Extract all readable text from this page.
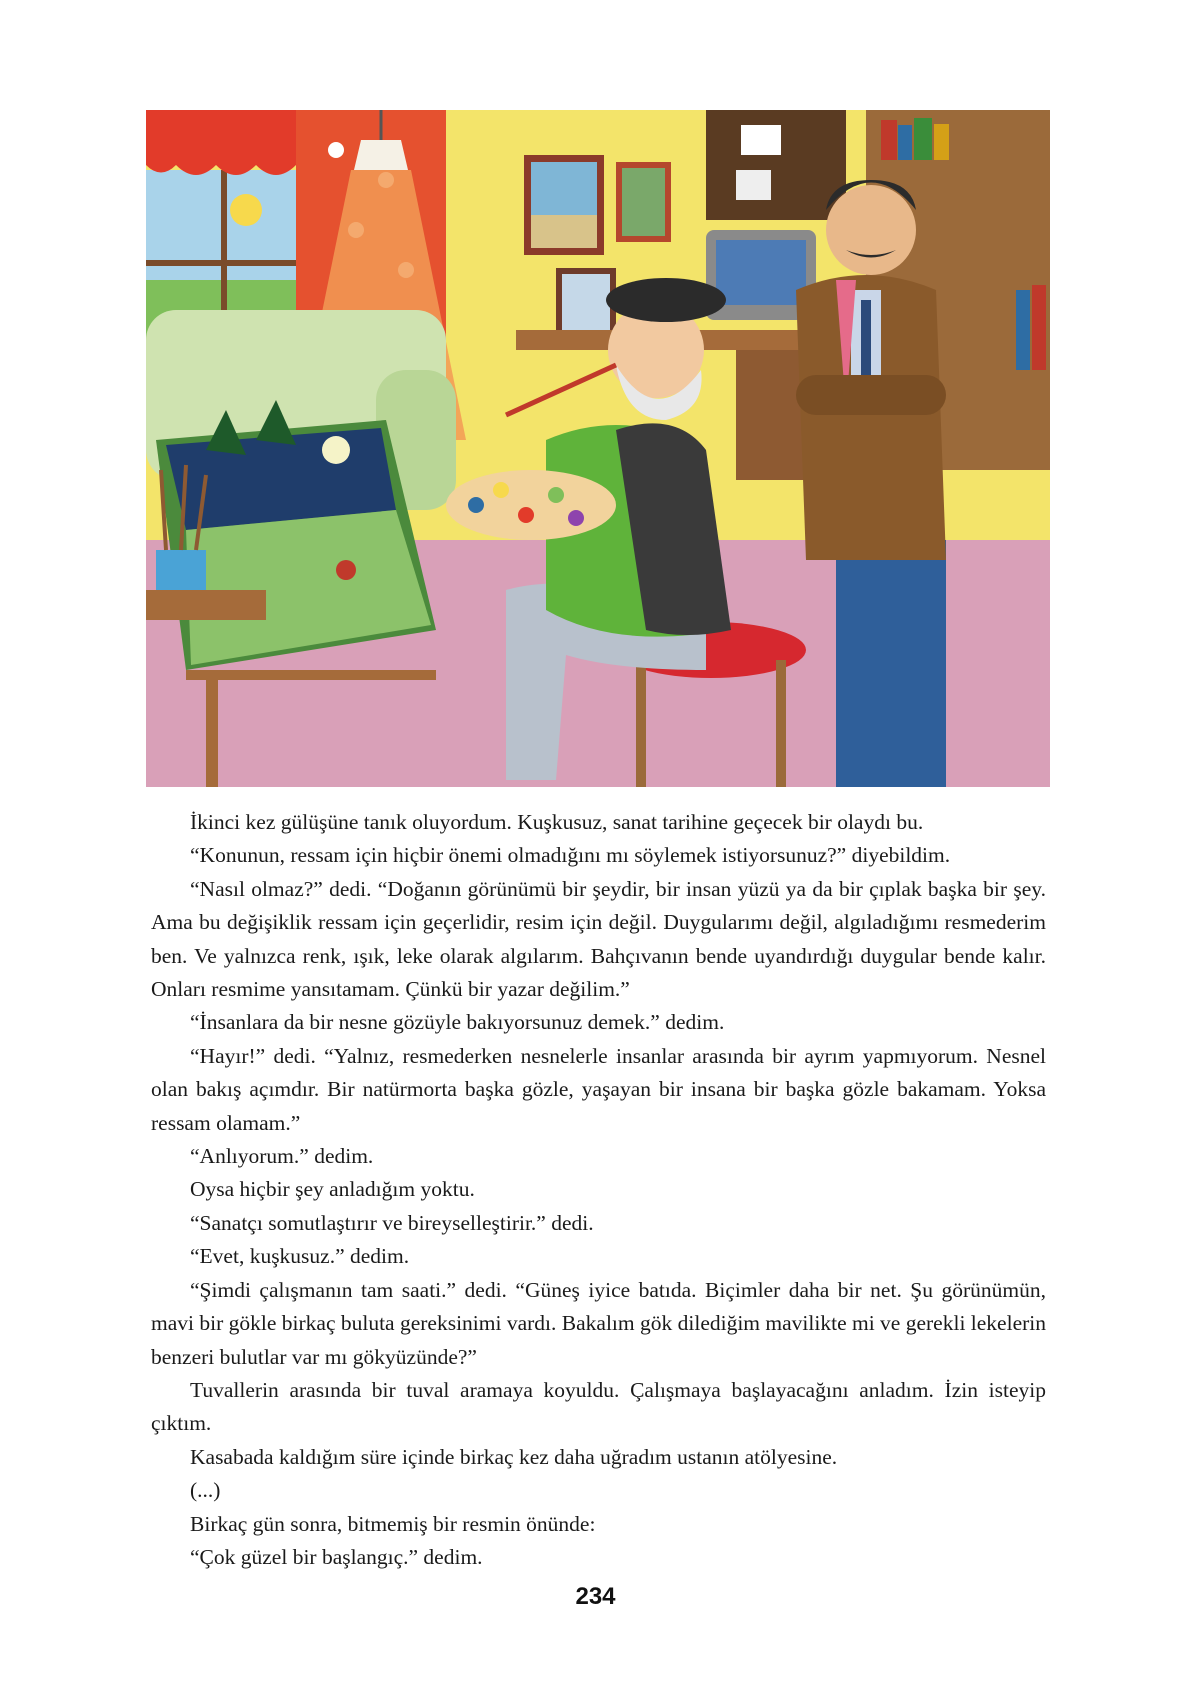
İkinci kez gülüşüne tanık oluyordum. Kuşkusuz, sanat tarihine geçecek bir olaydı bu.

“Konunun, ressam için hiçbir önemi olmadığını mı söylemek istiyorsunuz?” diyebildim.

“Nasıl olmaz?” dedi. “Doğanın görünümü bir şeydir, bir insan yüzü ya da bir çıplak başka bir şey. Ama bu değişiklik ressam için geçerlidir, resim için değil. Duygularımı değil, algıladığımı resmederim ben. Ve yalnızca renk, ışık, leke olarak algılarım. Bahçıvanın bende uyandırdığı duygular bende kalır. Onları resmime yansıtamam. Çünkü bir yazar değilim.”

“İnsanlara da bir nesne gözüyle bakıyorsunuz demek.” dedim.

“Hayır!” dedi. “Yalnız, resmederken nesnelerle insanlar arasında bir ayrım yapmıyorum. Nesnel olan bakış açımdır. Bir natürmorta başka gözle, yaşayan bir insana bir başka gözle bakamam. Yoksa ressam olamam.”

“Anlıyorum.” dedim.

Oysa hiçbir şey anladığım yoktu.

“Sanatçı somutlaştırır ve bireyselleştirir.” dedi.

“Evet, kuşkusuz.” dedim.

“Şimdi çalışmanın tam saati.” dedi. “Güneş iyice batıda. Biçimler daha bir net. Şu görünümün, mavi bir gökle birkaç buluta gereksinimi vardı. Bakalım gök dilediğim mavilikte mi ve gerekli lekelerin benzeri bulutlar var mı gökyüzünde?”

Tuvallerin arasında bir tuval aramaya koyuldu. Çalışmaya başlayacağını anladım. İzin isteyip çıktım.

Kasabada kaldığım süre içinde birkaç kez daha uğradım ustanın atölyesine.

(...)

Birkaç gün sonra, bitmemiş bir resmin önünde:

“Çok güzel bir başlangıç.” dedim.

234
